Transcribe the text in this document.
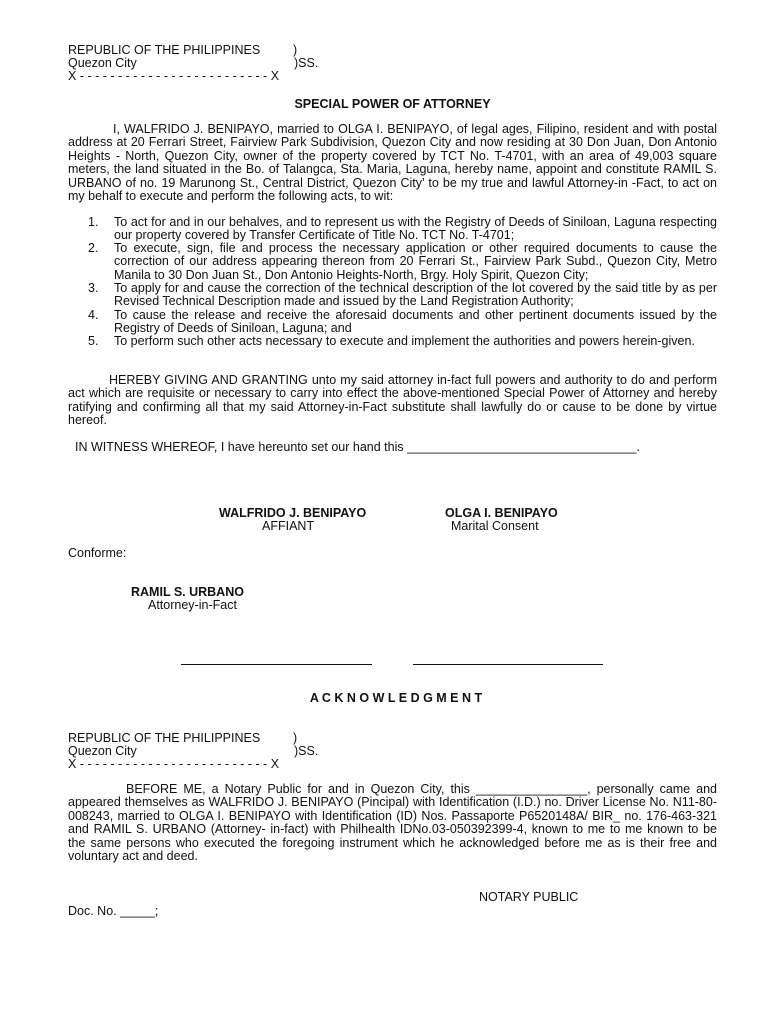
REPUBLIC OF THE PHILIPPINES	)
Quezon City	)SS.
X - - - - - - - - - - - - - - - - - - - - - - - - - X
SPECIAL POWER OF ATTORNEY
I, WALFRIDO J. BENIPAYO, married to OLGA I. BENIPAYO, of legal ages, Filipino, resident and with postal address at 20 Ferrari Street, Fairview Park Subdivision, Quezon City and now residing at 30 Don Juan, Don Antonio Heights - North, Quezon City, owner of the property covered by TCT No. T-4701, with an area of 49,003 square meters, the land situated in the Bo. of Talangca, Sta. Maria, Laguna, hereby name, appoint and constitute RAMIL S. URBANO of no. 19 Marunong St., Central District, Quezon City’ to be my true and lawful Attorney-in -Fact, to act on my behalf to execute and perform the following acts, to wit:
1.	To act for and in our behalves, and to represent us with the Registry of Deeds of Siniloan, Laguna respecting our property covered by Transfer Certificate of Title No. TCT No. T-4701;
2.	To execute, sign, file and process the necessary application or other required documents to cause the correction of our address appearing thereon from 20 Ferrari St., Fairview Park Subd., Quezon City, Metro Manila to 30 Don Juan St., Don Antonio Heights-North, Brgy. Holy Spirit, Quezon City;
3.	To apply for and cause the correction of the technical description of the lot covered by the said title by as per Revised Technical Description made and issued by the Land Registration Authority;
4.	To cause the release and receive the aforesaid documents and other pertinent documents issued by the Registry of Deeds of Siniloan, Laguna; and
5.	To perform such other acts necessary to execute and implement the authorities and powers herein-given.
HEREBY GIVING AND GRANTING unto my said attorney in-fact full powers and authority to do and perform act which are requisite or necessary to carry into effect the above-mentioned Special Power of Attorney and hereby ratifying and confirming all that my said Attorney-in-Fact substitute shall lawfully do or cause to be done by virtue hereof.
IN WITNESS WHEREOF, I have hereunto set our hand this _________________________________.
WALFRIDO J. BENIPAYO
AFFIANT
OLGA I. BENIPAYO
Marital Consent
Conforme:
RAMIL S. URBANO
Attorney-in-Fact
A C K N O W L E D G M E N T
REPUBLIC OF THE PHILIPPINES	)
Quezon City	)SS.
X - - - - - - - - - - - - - - - - - - - - - - - - - X
BEFORE ME, a Notary Public for and in Quezon City, this ________________, personally came and appeared themselves as WALFRIDO J. BENIPAYO (Pincipal) with Identification (I.D.) no. Driver License No. N11-80-008243, married to OLGA I. BENIPAYO with Identification (ID) Nos. Passaporte P6520148A/ BIR_ no. 176-463-321 and RAMIL S. URBANO (Attorney- in-fact) with Philhealth IDNo.03-050392399-4, known to me to me known to be the same persons who executed the foregoing instrument which he acknowledged before me as is their free and voluntary act and deed.
NOTARY PUBLIC
Doc. No. _____;
